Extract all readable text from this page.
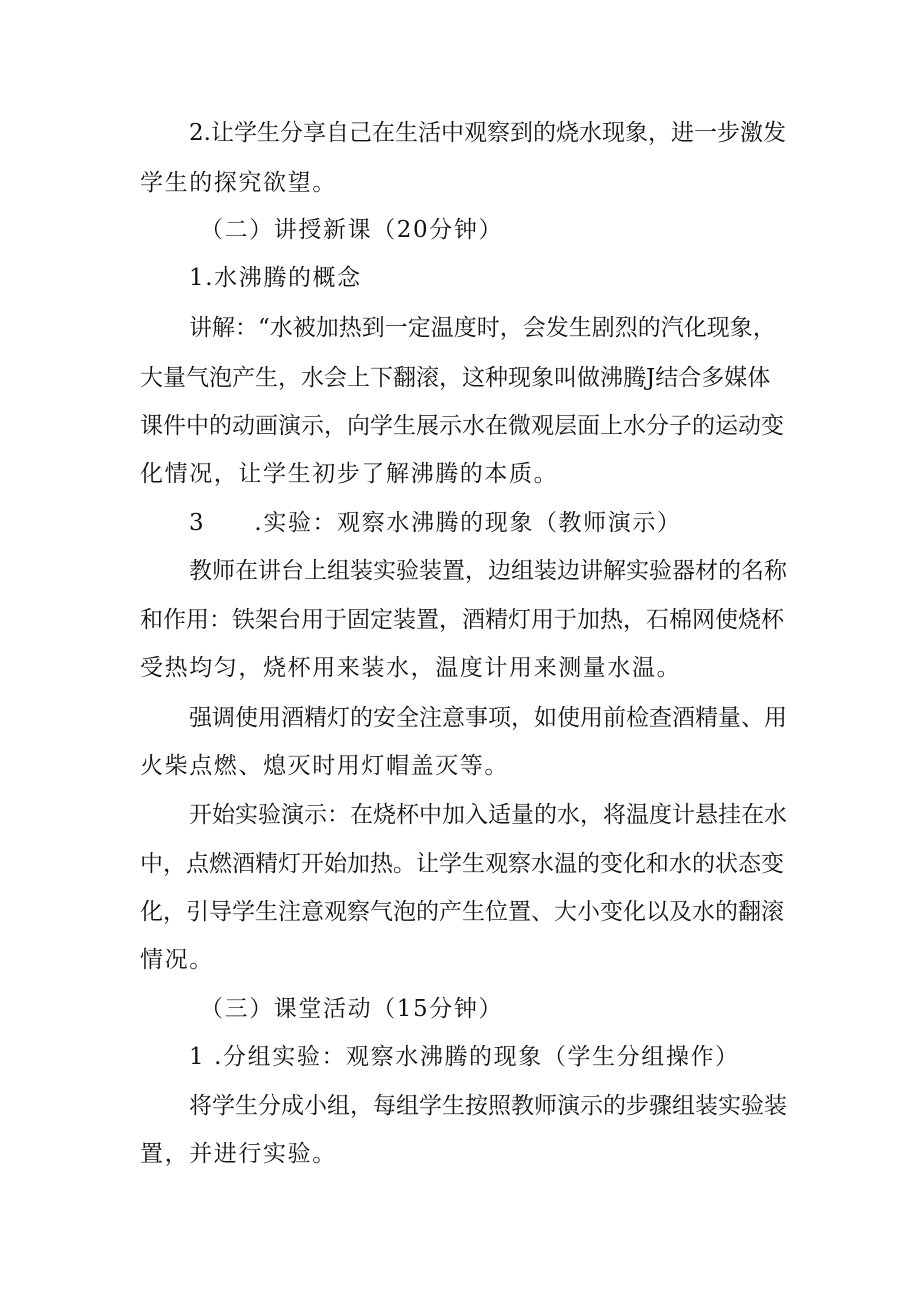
2.让学生分享自己在生活中观察到的烧水现象，进一步激发
学生的探究欲望。
（二）讲授新课（20分钟）
1.水沸腾的概念
讲解：“水被加热到一定温度时，会发生剧烈的汽化现象，
大量气泡产生，水会上下翻滚，这种现象叫做沸腾J结合多媒体
课件中的动画演示，向学生展示水在微观层面上水分子的运动变
化情况，让学生初步了解沸腾的本质。
3　　.实验：观察水沸腾的现象（教师演示）
教师在讲台上组装实验装置，边组装边讲解实验器材的名称
和作用：铁架台用于固定装置，酒精灯用于加热，石棉网使烧杯
受热均匀，烧杯用来装水，温度计用来测量水温。
强调使用酒精灯的安全注意事项，如使用前检查酒精量、用
火柴点燃、熄灭时用灯帽盖灭等。
开始实验演示：在烧杯中加入适量的水，将温度计悬挂在水
中，点燃酒精灯开始加热。让学生观察水温的变化和水的状态变
化，引导学生注意观察气泡的产生位置、大小变化以及水的翻滚
情况。
（三）课堂活动（15分钟）
1 .分组实验：观察水沸腾的现象（学生分组操作）
将学生分成小组，每组学生按照教师演示的步骤组装实验装
置，并进行实验。
